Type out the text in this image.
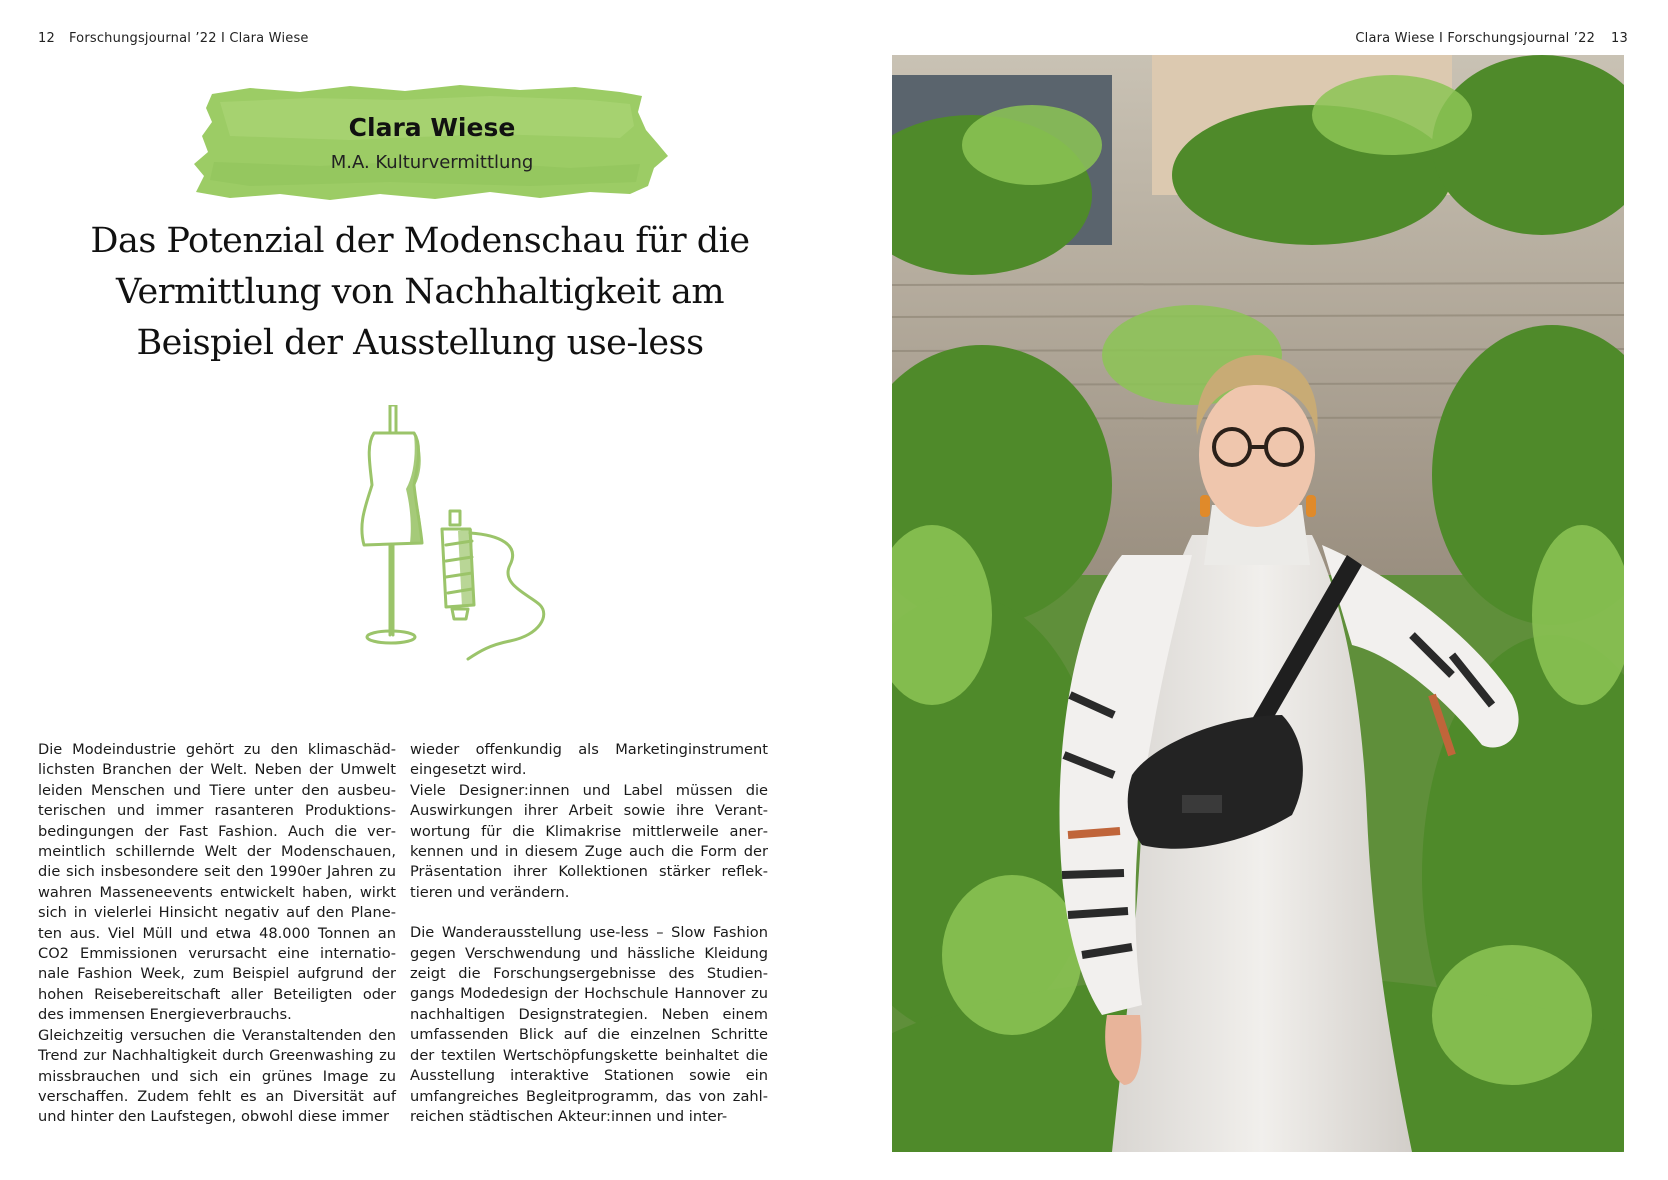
12 Forschungsjournal ’22 I Clara Wiese	Clara Wiese I Forschungsjournal ’22 13
Clara Wiese
M.A. Kulturvermittlung
Das Potenzial der Modenschau für die
Vermittlung von Nachhaltigkeit am
Beispiel der Ausstellung use-less

Die Modeindustrie gehört zu den klimaschädlichsten Branchen der Welt. Neben der Umwelt leiden Menschen und Tiere unter den ausbeuterischen und immer rasanteren Produktionsbedingungen der Fast Fashion. Auch die vermeintlich schillernde Welt der Modenschauen, die sich insbesondere seit den 1990er Jahren zu wahren Masseneevents entwickelt haben, wirkt sich in vielerlei Hinsicht negativ auf den Planeten aus. Viel Müll und etwa 48.000 Tonnen an CO2 Emmissionen verursacht eine internationale Fashion Week, zum Beispiel aufgrund der hohen Reisebereitschaft aller Beteiligten oder des immensen Energieverbrauchs.

Gleichzeitig versuchen die Veranstaltenden den Trend zur Nachhaltigkeit durch Greenwashing zu missbrauchen und sich ein grünes Image zu verschaffen. Zudem fehlt es an Diversität auf und hinter den Laufstegen, obwohl diese immer

wieder offenkundig als Marketinginstrument eingesetzt wird.

Viele Designer:innen und Label müssen die Auswirkungen ihrer Arbeit sowie ihre Verantwortung für die Klimakrise mittlerweile anerkennen und in diesem Zuge auch die Form der Präsentation ihrer Kollektionen stärker reflektieren und verändern.

Die Wanderausstellung use-less – Slow Fashion gegen Verschwendung und hässliche Kleidung zeigt die Forschungsergebnisse des Studiengangs Modedesign der Hochschule Hannover zu nachhaltigen Designstrategien. Neben einem umfassenden Blick auf die einzelnen Schritte der textilen Wertschöpfungskette beinhaltet die Ausstellung interaktive Stationen sowie ein umfangreiches Begleitprogramm, das von zahlreichen städtischen Akteur:innen und inter-
